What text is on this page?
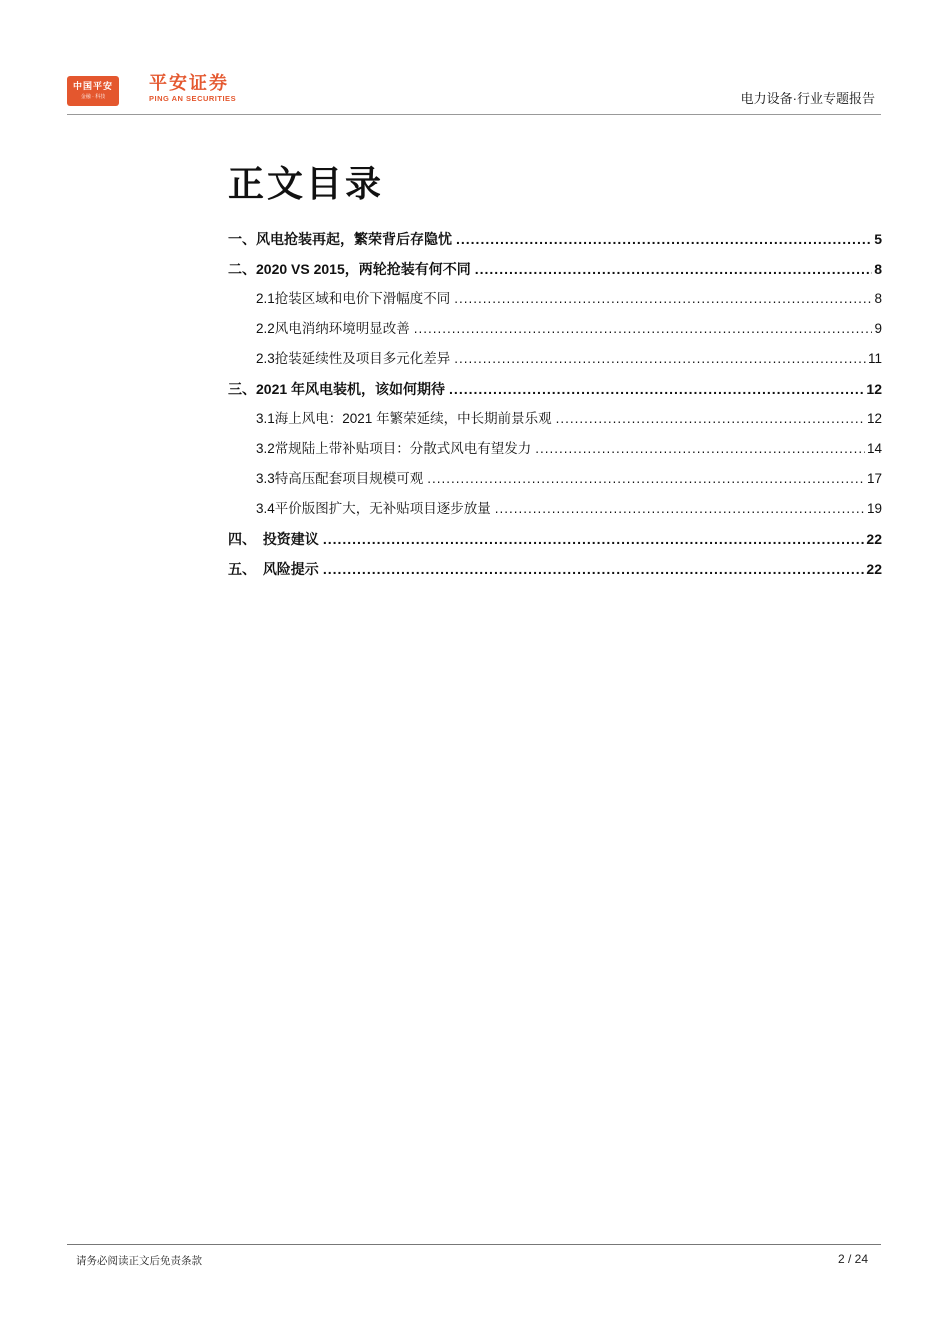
中国平安
金融 · 科技
平安证券
PING AN SECURITIES	电力设备·行业专题报告
正文目录
一、 风电抢装再起，繁荣背后存隐忧 .....	5
二、 2020 VS 2015，两轮抢装有何不同 .....	8
2.1 抢装区域和电价下滑幅度不同 .....	8
2.2 风电消纳环境明显改善 .....	9
2.3 抢装延续性及项目多元化差异 .....	11
三、 2021 年风电装机，该如何期待 .....	12
3.1 海上风电：2021 年繁荣延续，中长期前景乐观 .....	12
3.2 常规陆上带补贴项目：分散式风电有望发力 .....	14
3.3 特高压配套项目规模可观 .....	17
3.4 平价版图扩大，无补贴项目逐步放量 .....	19
四、 投资建议 .....	22
五、 风险提示 .....	22
请务必阅读正文后免责条款	2 / 24
